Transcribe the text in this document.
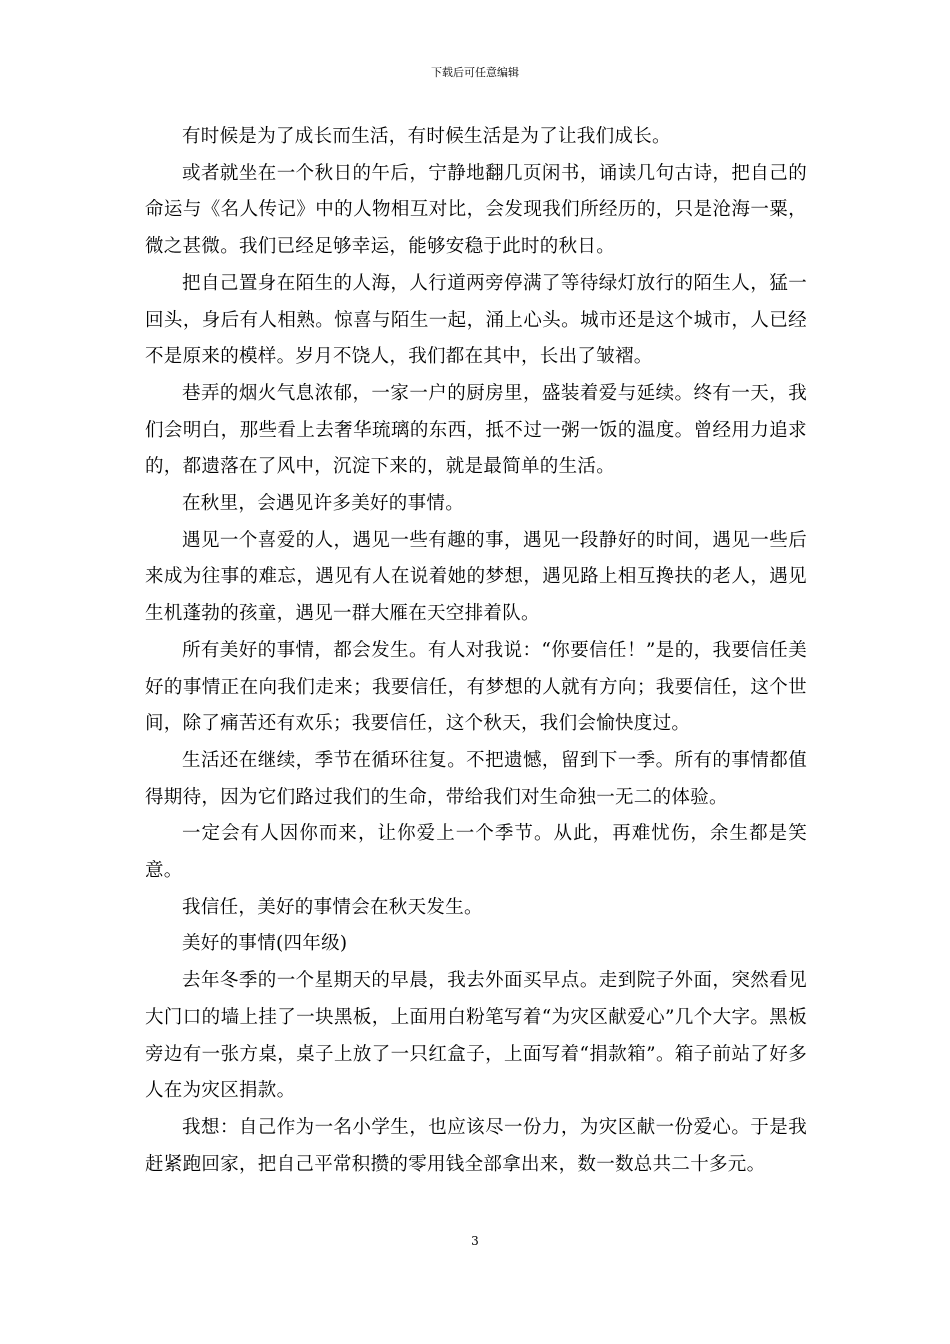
下载后可任意编辑

有时候是为了成长而生活，有时候生活是为了让我们成长。

或者就坐在一个秋日的午后，宁静地翻几页闲书，诵读几句古诗，把自己的命运与《名人传记》中的人物相互对比，会发现我们所经历的，只是沧海一粟，微之甚微。我们已经足够幸运，能够安稳于此时的秋日。

把自己置身在陌生的人海，人行道两旁停满了等待绿灯放行的陌生人，猛一回头，身后有人相熟。惊喜与陌生一起，涌上心头。城市还是这个城市，人已经不是原来的模样。岁月不饶人，我们都在其中，长出了皱褶。

巷弄的烟火气息浓郁，一家一户的厨房里，盛装着爱与延续。终有一天，我们会明白，那些看上去奢华琉璃的东西，抵不过一粥一饭的温度。曾经用力追求的，都遗落在了风中，沉淀下来的，就是最简单的生活。

在秋里，会遇见许多美好的事情。

遇见一个喜爱的人，遇见一些有趣的事，遇见一段静好的时间，遇见一些后来成为往事的难忘，遇见有人在说着她的梦想，遇见路上相互搀扶的老人，遇见生机蓬勃的孩童，遇见一群大雁在天空排着队。

所有美好的事情，都会发生。有人对我说：“你要信任！”是的，我要信任美好的事情正在向我们走来；我要信任，有梦想的人就有方向；我要信任，这个世间，除了痛苦还有欢乐；我要信任，这个秋天，我们会愉快度过。

生活还在继续，季节在循环往复。不把遗憾，留到下一季。所有的事情都值得期待，因为它们路过我们的生命，带给我们对生命独一无二的体验。

一定会有人因你而来，让你爱上一个季节。从此，再难忧伤，余生都是笑意。

我信任，美好的事情会在秋天发生。

美好的事情(四年级)

去年冬季的一个星期天的早晨，我去外面买早点。走到院子外面，突然看见大门口的墙上挂了一块黑板，上面用白粉笔写着“为灾区献爱心”几个大字。黑板旁边有一张方桌，桌子上放了一只红盒子，上面写着“捐款箱”。箱子前站了好多人在为灾区捐款。

我想：自己作为一名小学生，也应该尽一份力，为灾区献一份爱心。于是我赶紧跑回家，把自己平常积攒的零用钱全部拿出来，数一数总共二十多元。

3
